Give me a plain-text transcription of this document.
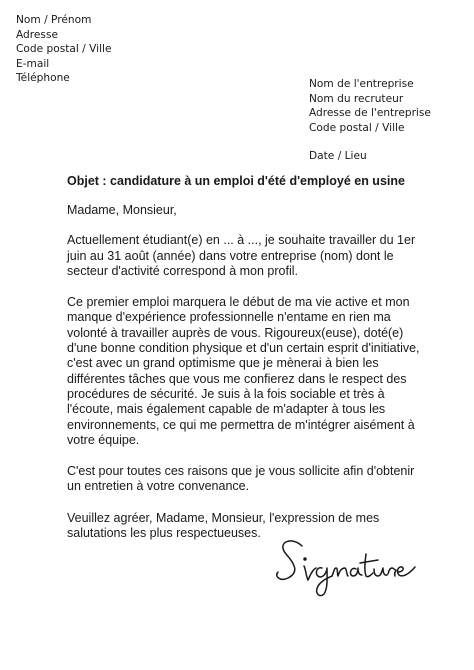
Nom / Prénom
Adresse
Code postal / Ville
E-mail
Téléphone	Nom de l'entreprise
Nom du recruteur
Adresse de l'entreprise
Code postal / Ville
Date / Lieu
Objet : candidature à un emploi d'été d'employé en usine

Madame, Monsieur,

Actuellement étudiant(e) en ... à ..., je souhaite travailler du 1er
juin au 31 août (année) dans votre entreprise (nom) dont le
secteur d'activité correspond à mon profil.

Ce premier emploi marquera le début de ma vie active et mon
manque d'expérience professionnelle n'entame en rien ma
volonté à travailler auprès de vous. Rigoureux(euse), doté(e)
d'une bonne condition physique et d'un certain esprit d'initiative,
c'est avec un grand optimisme que je mènerai à bien les
différentes tâches que vous me confierez dans le respect des
procédures de sécurité. Je suis à la fois sociable et très à
l'écoute, mais également capable de m'adapter à tous les
environnements, ce qui me permettra de m'intégrer aisément à
votre équipe.

C'est pour toutes ces raisons que je vous sollicite afin d'obtenir
un entretien à votre convenance.

Veuillez agréer, Madame, Monsieur, l'expression de mes
salutations les plus respectueuses.
